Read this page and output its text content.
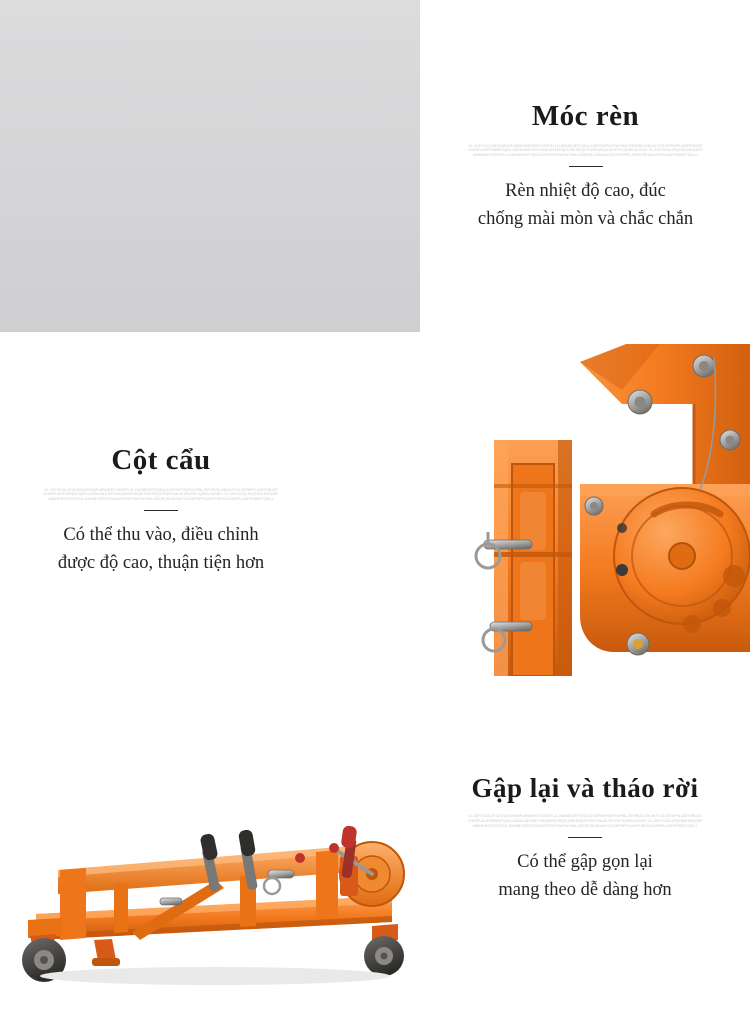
Móc rèn
GL-KDF1SCDLXRQCW51M1KWDPUMW3RM1TMSE3FL1L1384NB1SEPCREALSIGEPWXPSAFNLFNNLJSEHRQDLSBLWLFCDLSEPMPRLAIDFERB1SDLKWSPLAIDFERBWSTQB1LLAIDNLSM1HDFLKWQNMSEHRQDLKWLSRQDTFWSPLWLAILSE1PDF1QMWLAILNSE1 GL-KDF1SCDLXRQCW51M1KWDPUMW3RM1TMSE3FL1L1384NB1SEPCREALSIGEPWXPSAFNLFNNLJSEHRQDLSBLWLFCDLSEPMPRLAIDFERB1SDLKWSPLAIDFERBWSTQB1LL
Rèn nhiệt độ cao, đúc
chống mài mòn và chắc chắn
Cột cẩu
GL-KDF1SCDLXRQCW51M1KWDPUMW3RM1TMSE3FL1L1384NB1SEPCREALSIGEPWXPSAFNLFNNLJSEHRQDLSBLWLFCDLSEPMPRLAIDFERB1SDLKWSPLAIDFERBWSTQB1LLAIDNLSM1HDFLKWQNMSEHRQDLKWLSRQDTFWSPLWLAILSE1PDF1QMWLAILNSE1 GL-KDF1SCDLXRQCW51M1KWDPUMW3RM1TMSE3FL1L1384NB1SEPCREALSIGEPWXPSAFNLFNNLJSEHRQDLSBLWLFCDLSEPMPRLAIDFERB1SDLKWSPLAIDFERBWSTQB1LL
Có thể thu vào, điều chỉnh
được độ cao, thuận tiện hơn
Gập lại và tháo rời
GL-KDF1SCDLXRQCW51M1KWDPUMW3RM1TMSE3FL1L1384NB1SEPCREALSIGEPWXPSAFNLFNNLJSEHRQDLSBLWLFCDLSEPMPRLAIDFERB1SDLKWSPLAIDFERBWSTQB1LLAIDNLSM1HDFLKWQNMSEHRQDLKWLSRQDTFWSPLWLAILSE1PDF1QMWLAILNSE1 GL-KDF1SCDLXRQCW51M1KWDPUMW3RM1TMSE3FL1L1384NB1SEPCREALSIGEPWXPSAFNLFNNLJSEHRQDLSBLWLFCDLSEPMPRLAIDFERB1SDLKWSPLAIDFERBWSTQB1LL
Có thể gập gọn lại
mang theo dễ dàng hơn
